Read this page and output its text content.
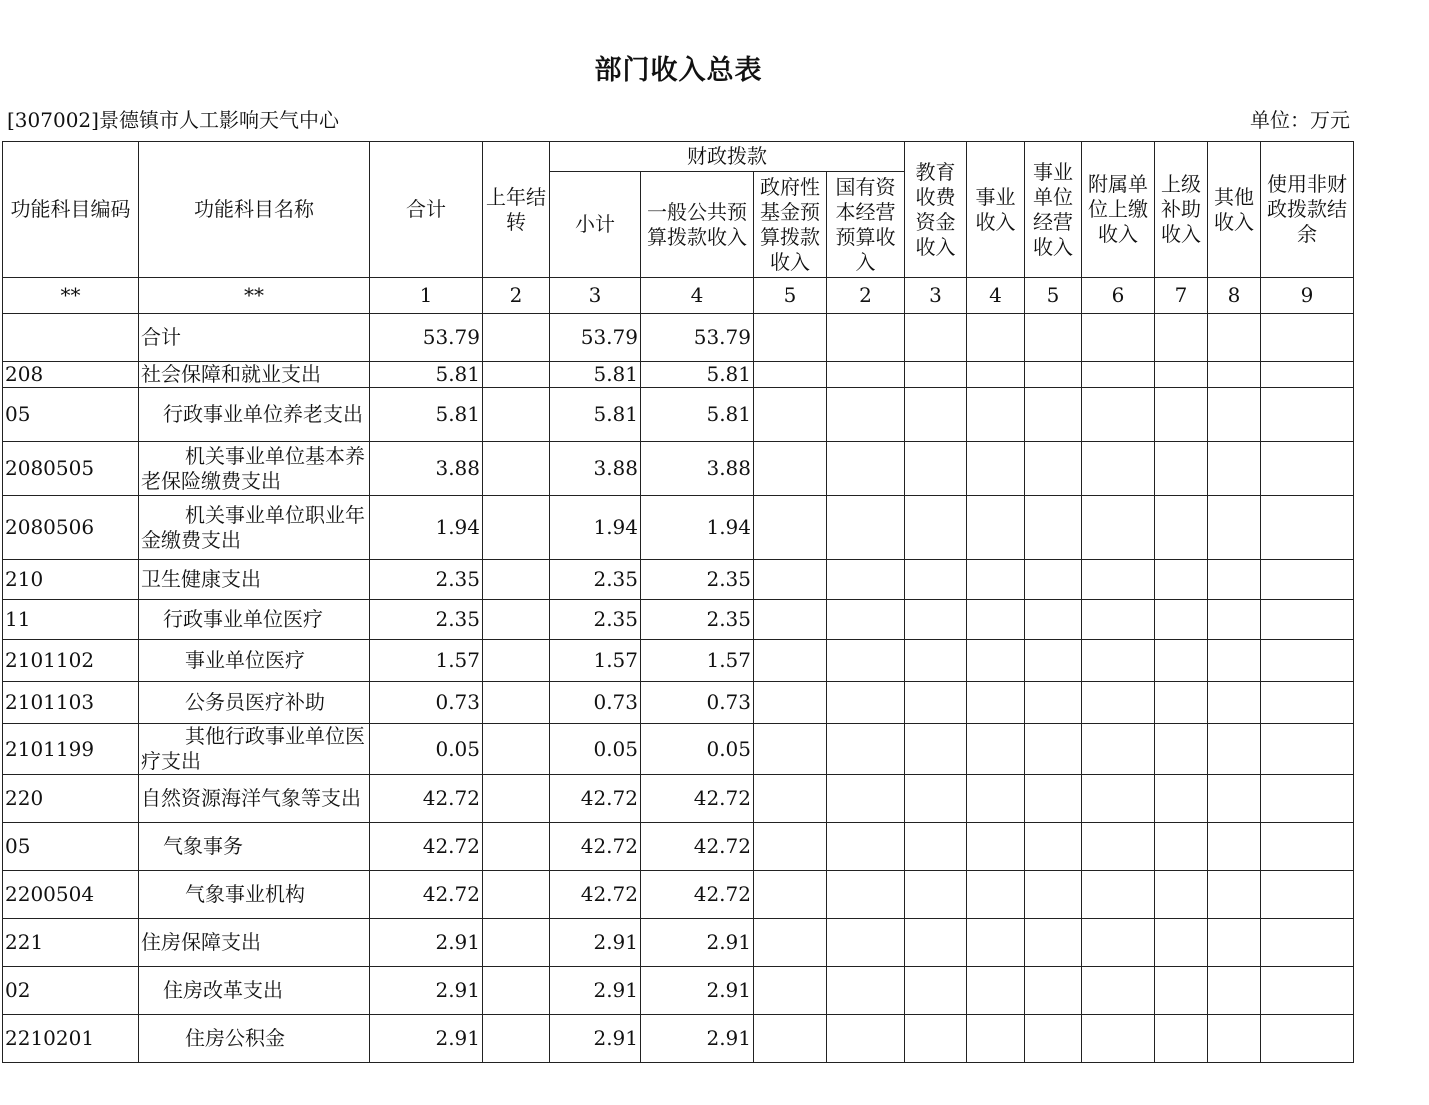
部门收入总表
[307002]景德镇市人工影响天气中心	单位：万元
功能科目编码	功能科目名称	合计	上年结转	财政拨款				教育收费资金收入	事业收入	事业单位经营收入	附属单位上缴收入	上级补助收入	其他收入	使用非财政拨款结余
				小计	一般公共预算拨款收入	政府性基金预算拨款收入	国有资本经营预算收入							
**	**	1	2	3	4	5	2	3	4	5	6	7	8	9
	合计	53.79		53.79	53.79									
208	社会保障和就业支出	5.81		5.81	5.81									
05	行政事业单位养老支出	5.81		5.81	5.81									
2080505	机关事业单位基本养老保险缴费支出	3.88		3.88	3.88									
2080506	机关事业单位职业年金缴费支出	1.94		1.94	1.94									
210	卫生健康支出	2.35		2.35	2.35									
11	行政事业单位医疗	2.35		2.35	2.35									
2101102	事业单位医疗	1.57		1.57	1.57									
2101103	公务员医疗补助	0.73		0.73	0.73									
2101199	其他行政事业单位医疗支出	0.05		0.05	0.05									
220	自然资源海洋气象等支出	42.72		42.72	42.72									
05	气象事务	42.72		42.72	42.72									
2200504	气象事业机构	42.72		42.72	42.72									
221	住房保障支出	2.91		2.91	2.91									
02	住房改革支出	2.91		2.91	2.91									
2210201	住房公积金	2.91		2.91	2.91									
